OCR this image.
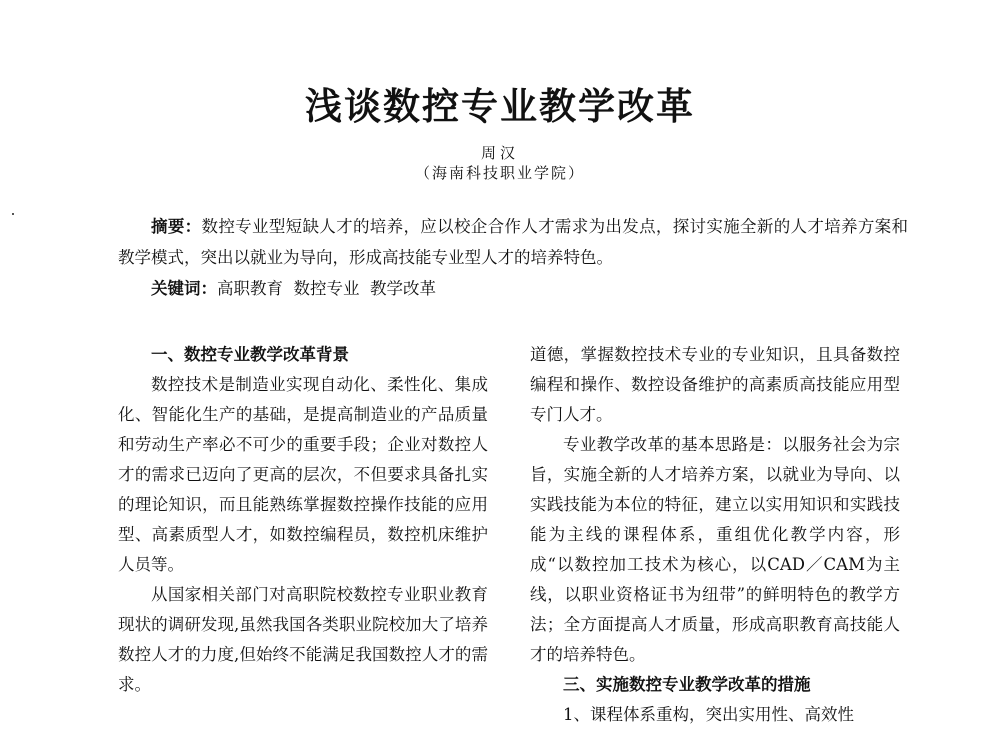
浅谈数控专业教学改革
周汉
（海南科技职业学院）

摘要：数控专业型短缺人才的培养，应以校企合作人才需求为出发点，探讨实施全新的人才培养方案和教学模式，突出以就业为导向，形成高技能专业型人才的培养特色。

关键词：高职教育  数控专业  教学改革

一、数控专业教学改革背景

数控技术是制造业实现自动化、柔性化、集成化、智能化生产的基础，是提高制造业的产品质量和劳动生产率必不可少的重要手段；企业对数控人才的需求已迈向了更高的层次，不但要求具备扎实的理论知识，而且能熟练掌握数控操作技能的应用型、高素质型人才，如数控编程员，数控机床维护人员等。

从国家相关部门对高职院校数控专业职业教育现状的调研发现,虽然我国各类职业院校加大了培养数控人才的力度,但始终不能满足我国数控人才的需求。

道德，掌握数控技术专业的专业知识，且具备数控编程和操作、数控设备维护的高素质高技能应用型专门人才。

专业教学改革的基本思路是：以服务社会为宗旨，实施全新的人才培养方案，以就业为导向、以实践技能为本位的特征，建立以实用知识和实践技能为主线的课程体系，重组优化教学内容，形成“以数控加工技术为核心，以CAD／CAM为主线，以职业资格证书为纽带”的鲜明特色的教学方法；全方面提高人才质量，形成高职教育高技能人才的培养特色。

三、实施数控专业教学改革的措施

1、课程体系重构，突出实用性、高效性
